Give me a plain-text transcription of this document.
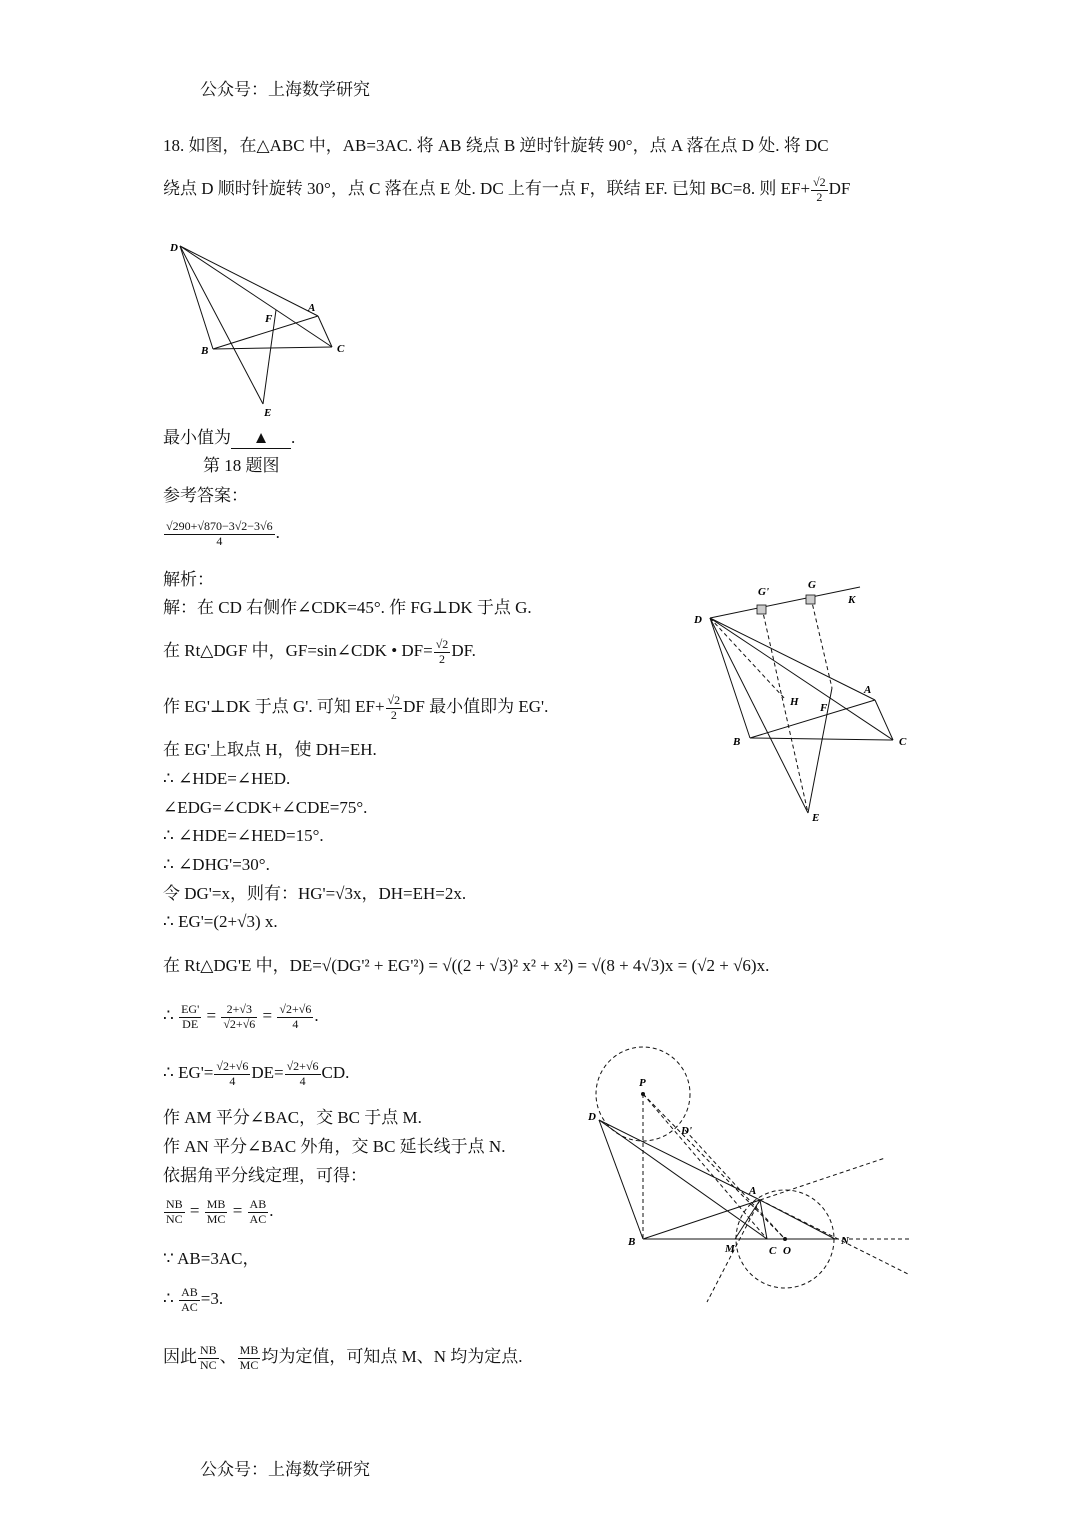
公众号：上海数学研究
18. 如图，在△ABC 中，AB=3AC. 将 AB 绕点 B 逆时针旋转 90°，点 A 落在点 D 处. 将 DC
绕点 D 顺时针旋转 30°，点 C 落在点 E 处. DC 上有一点 F，联结 EF. 已知 BC=8. 则 $EF+ \frac{√2}{2}$ DF
D
A
F
B	C
E
最小值为 ▲ .
第 18 题图
参考答案：
$\frac{√290+√870-3√2-3√6}{4}$ .
解析：
解：在 CD 右侧作∠CDK=45°. 作 FG⊥DK 于点 G.
在 Rt△DGF 中，GF=sin∠CDK • $DF= \frac{√2}{2}$ DF.
作 EG'⊥DK 于点 G'. 可知 $EF+ \frac{√2}{2}$ DF 最小值即为 EG'.
在 EG'上取点 H，使 DH=EH.
∴ ∠HDE=∠HED.
∠EDG=∠CDK+∠CDE=75°.
∴ ∠HDE=∠HED=15°.
∴ ∠DHG'=30°.
令 DG'=x，则有：HG'=√3x，DH=EH=2x.
∴ EG'=(2+√3) x.
在 Rt△DG'E 中，DE=√(DG'² + EG'²) = √((2 + √3)² x² + x²) = √(8 + 4√3)x = (√2 + √6)x.
∴ $\frac{EG'}{DE} = \frac{2+√3}{√2+√6} = \frac{√2+√6}{4}$ .
∴ $EG'= \frac{√2+√6}{4} DE= \frac{√2+√6}{4}$ CD.
作 AM 平分∠BAC，交 BC 于点 M.
作 AN 平分∠BAC 外角，交 BC 延长线于点 N.
依据角平分线定理，可得：
$\frac{NB}{NC} = \frac{MB}{MC} = \frac{AB}{AC}$ .
∵ AB=3AC，
∴ $\frac{AB}{AC} =3$.
因此 $\frac{NB}{NC}$ 、 $\frac{MB}{MC}$ 均为定值，可知点 M、N 均为定点.
G'
G
K
D
H
A
F
B	C
E
P
D
D'
A
B
M	C O
N
公众号：上海数学研究
